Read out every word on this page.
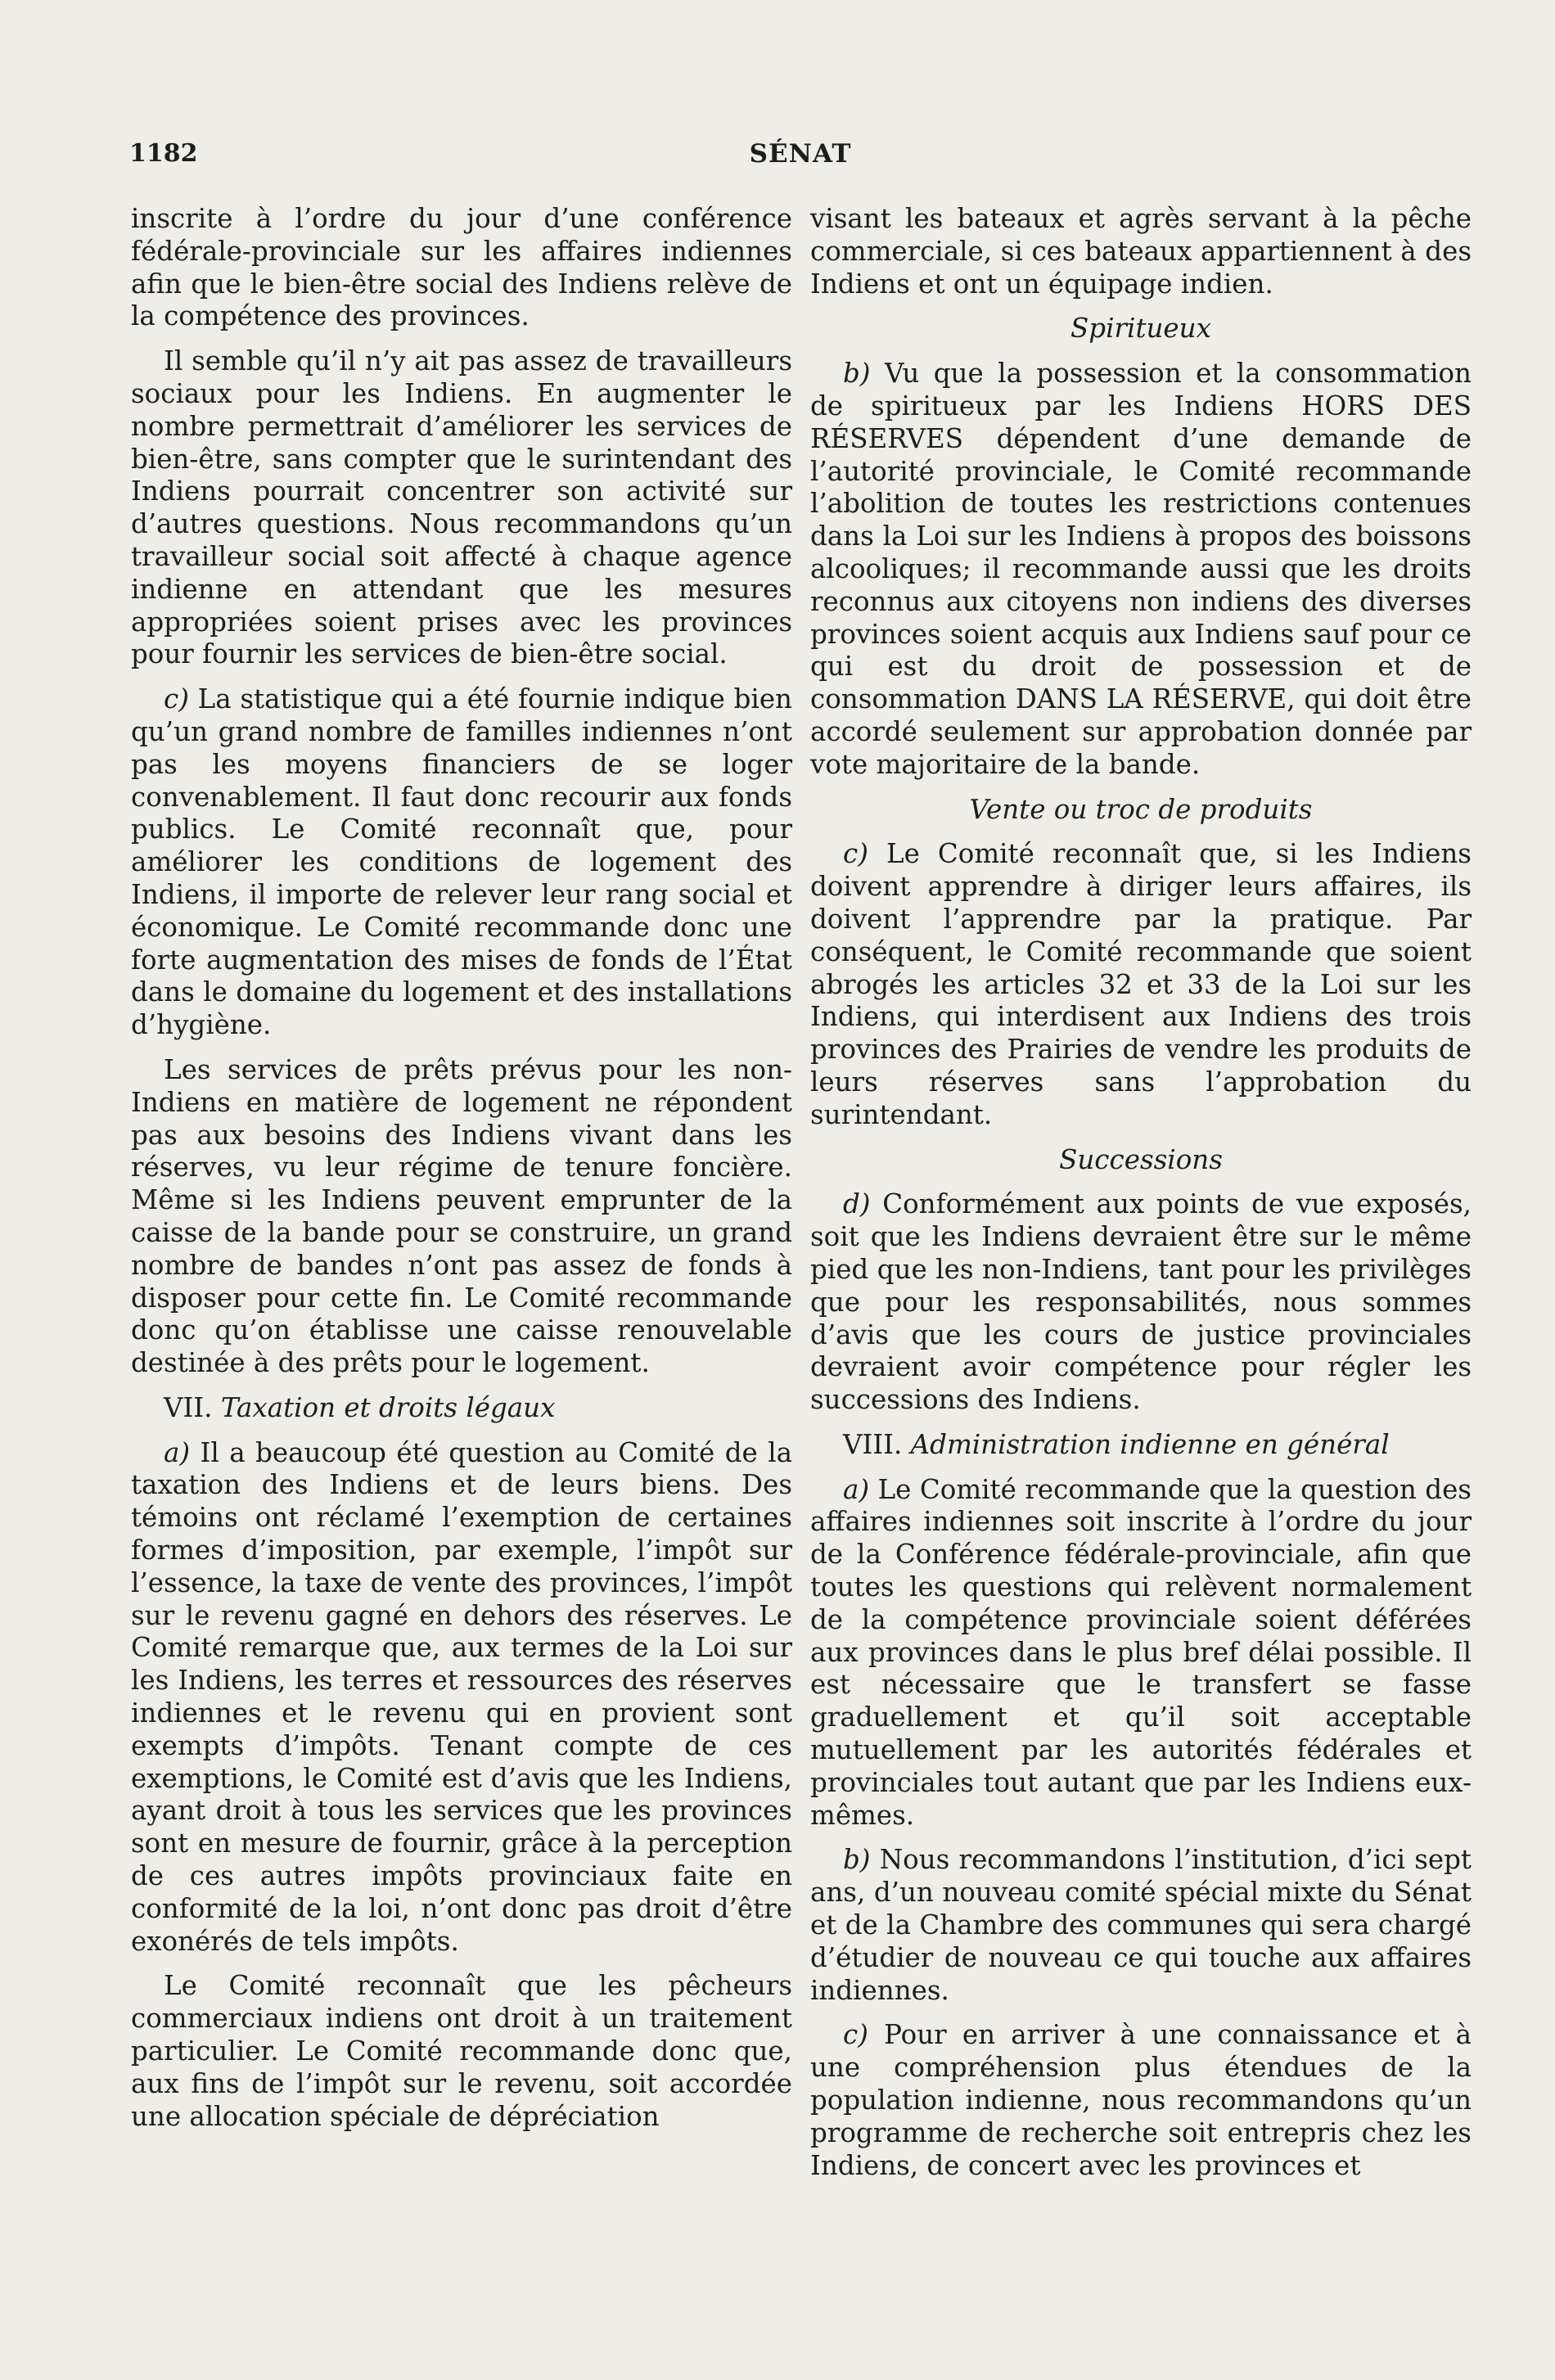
1182	SÉNAT

inscrite à l’ordre du jour d’une conférence fédérale-provinciale sur les affaires indiennes afin que le bien-être social des Indiens relève de la compétence des provinces.

Il semble qu’il n’y ait pas assez de travailleurs sociaux pour les Indiens. En augmenter le nombre permettrait d’améliorer les services de bien-être, sans compter que le surintendant des Indiens pourrait concentrer son activité sur d’autres questions. Nous recommandons qu’un travailleur social soit affecté à chaque agence indienne en attendant que les mesures appropriées soient prises avec les provinces pour fournir les services de bien-être social.

c) La statistique qui a été fournie indique bien qu’un grand nombre de familles indiennes n’ont pas les moyens financiers de se loger convenablement. Il faut donc recourir aux fonds publics. Le Comité reconnaît que, pour améliorer les conditions de logement des Indiens, il importe de relever leur rang social et économique. Le Comité recommande donc une forte augmentation des mises de fonds de l’État dans le domaine du logement et des installations d’hygiène.

Les services de prêts prévus pour les non-Indiens en matière de logement ne répondent pas aux besoins des Indiens vivant dans les réserves, vu leur régime de tenure foncière. Même si les Indiens peuvent emprunter de la caisse de la bande pour se construire, un grand nombre de bandes n’ont pas assez de fonds à disposer pour cette fin. Le Comité recommande donc qu’on établisse une caisse renouvelable destinée à des prêts pour le logement.

VII. Taxation et droits légaux

a) Il a beaucoup été question au Comité de la taxation des Indiens et de leurs biens. Des témoins ont réclamé l’exemption de certaines formes d’imposition, par exemple, l’impôt sur l’essence, la taxe de vente des provinces, l’impôt sur le revenu gagné en dehors des réserves. Le Comité remarque que, aux termes de la Loi sur les Indiens, les terres et ressources des réserves indiennes et le revenu qui en provient sont exempts d’impôts. Tenant compte de ces exemptions, le Comité est d’avis que les Indiens, ayant droit à tous les services que les provinces sont en mesure de fournir, grâce à la perception de ces autres impôts provinciaux faite en conformité de la loi, n’ont donc pas droit d’être exonérés de tels impôts.

Le Comité reconnaît que les pêcheurs commerciaux indiens ont droit à un traitement particulier. Le Comité recommande donc que, aux fins de l’impôt sur le revenu, soit accordée une allocation spéciale de dépréciation

visant les bateaux et agrès servant à la pêche commerciale, si ces bateaux appartiennent à des Indiens et ont un équipage indien.

Spiritueux

b) Vu que la possession et la consommation de spiritueux par les Indiens HORS DES RÉSERVES dépendent d’une demande de l’autorité provinciale, le Comité recommande l’abolition de toutes les restrictions contenues dans la Loi sur les Indiens à propos des boissons alcooliques; il recommande aussi que les droits reconnus aux citoyens non indiens des diverses provinces soient acquis aux Indiens sauf pour ce qui est du droit de possession et de consommation DANS LA RÉSERVE, qui doit être accordé seulement sur approbation donnée par vote majoritaire de la bande.

Vente ou troc de produits

c) Le Comité reconnaît que, si les Indiens doivent apprendre à diriger leurs affaires, ils doivent l’apprendre par la pratique. Par conséquent, le Comité recommande que soient abrogés les articles 32 et 33 de la Loi sur les Indiens, qui interdisent aux Indiens des trois provinces des Prairies de vendre les produits de leurs réserves sans l’approbation du surintendant.

Successions

d) Conformément aux points de vue exposés, soit que les Indiens devraient être sur le même pied que les non-Indiens, tant pour les privilèges que pour les responsabilités, nous sommes d’avis que les cours de justice provinciales devraient avoir compétence pour régler les successions des Indiens.

VIII. Administration indienne en général

a) Le Comité recommande que la question des affaires indiennes soit inscrite à l’ordre du jour de la Conférence fédérale-provinciale, afin que toutes les questions qui relèvent normalement de la compétence provinciale soient déférées aux provinces dans le plus bref délai possible. Il est nécessaire que le transfert se fasse graduellement et qu’il soit acceptable mutuellement par les autorités fédérales et provinciales tout autant que par les Indiens eux-mêmes.

b) Nous recommandons l’institution, d’ici sept ans, d’un nouveau comité spécial mixte du Sénat et de la Chambre des communes qui sera chargé d’étudier de nouveau ce qui touche aux affaires indiennes.

c) Pour en arriver à une connaissance et à une compréhension plus étendues de la population indienne, nous recommandons qu’un programme de recherche soit entrepris chez les Indiens, de concert avec les provinces et
